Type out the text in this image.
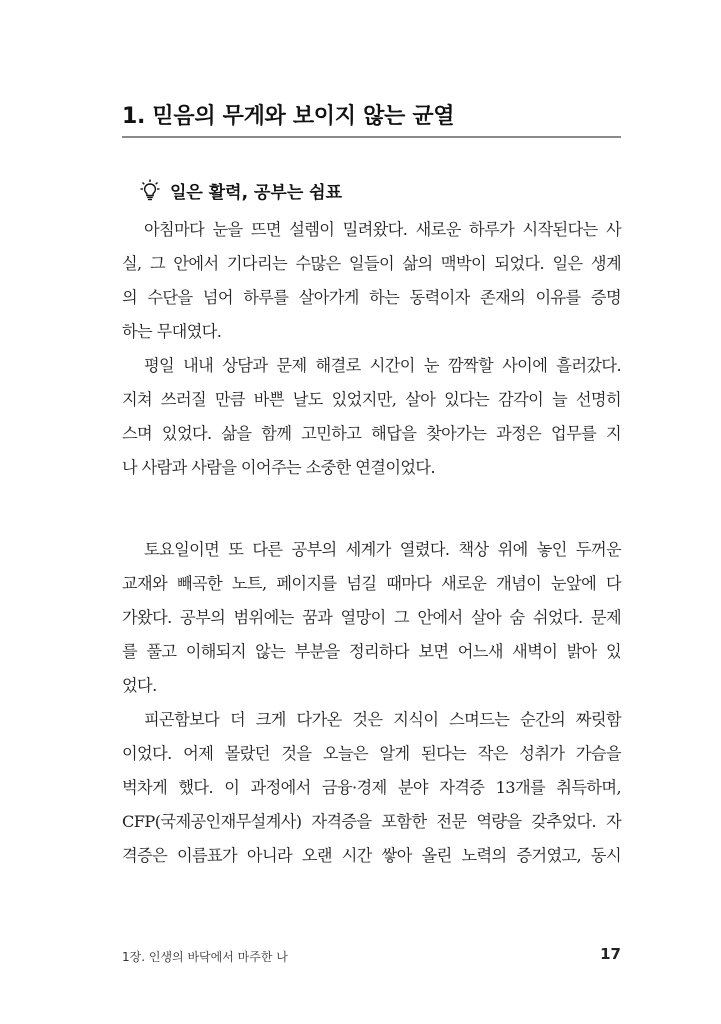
1. 믿음의 무게와 보이지 않는 균열
일은 활력, 공부는 쉼표
아침마다 눈을 뜨면 설렘이 밀려왔다. 새로운 하루가 시작된다는 사
실, 그 안에서 기다리는 수많은 일들이 삶의 맥박이 되었다. 일은 생계
의 수단을 넘어 하루를 살아가게 하는 동력이자 존재의 이유를 증명
하는 무대였다.
평일 내내 상담과 문제 해결로 시간이 눈 깜짝할 사이에 흘러갔다.
지쳐 쓰러질 만큼 바쁜 날도 있었지만, 살아 있다는 감각이 늘 선명히
스며 있었다. 삶을 함께 고민하고 해답을 찾아가는 과정은 업무를 지
나 사람과 사람을 이어주는 소중한 연결이었다.
토요일이면 또 다른 공부의 세계가 열렸다. 책상 위에 놓인 두꺼운
교재와 빼곡한 노트, 페이지를 넘길 때마다 새로운 개념이 눈앞에 다
가왔다. 공부의 범위에는 꿈과 열망이 그 안에서 살아 숨 쉬었다. 문제
를 풀고 이해되지 않는 부분을 정리하다 보면 어느새 새벽이 밝아 있
었다.
피곤함보다 더 크게 다가온 것은 지식이 스며드는 순간의 짜릿함
이었다. 어제 몰랐던 것을 오늘은 알게 된다는 작은 성취가 가슴을
벅차게 했다. 이 과정에서 금융·경제 분야 자격증 13개를 취득하며,
CFP(국제공인재무설계사) 자격증을 포함한 전문 역량을 갖추었다. 자
격증은 이름표가 아니라 오랜 시간 쌓아 올린 노력의 증거였고, 동시
1장. 인생의 바닥에서 마주한 나	17
